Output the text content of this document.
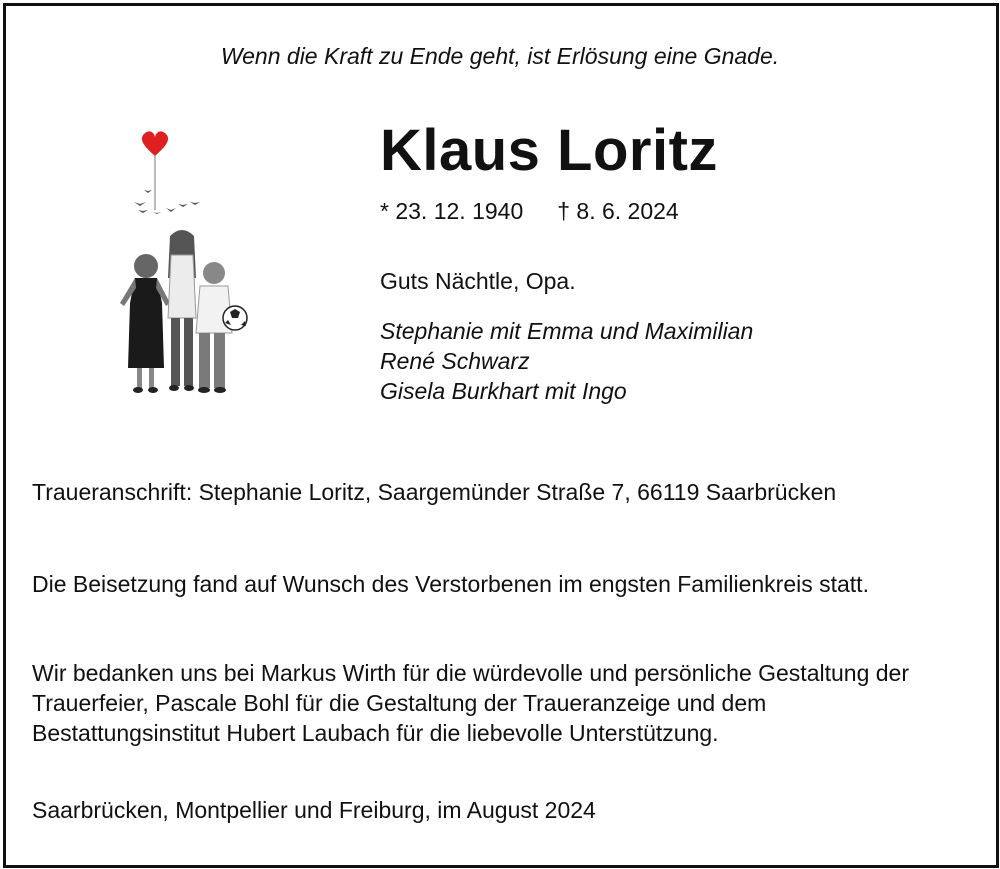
Wenn die Kraft zu Ende geht, ist Erlösung eine Gnade.
Klaus Loritz
* 23. 12. 1940 † 8. 6. 2024
Guts Nächtle, Opa.
Stephanie mit Emma und Maximilian
René Schwarz
Gisela Burkhart mit Ingo
Traueranschrift: Stephanie Loritz, Saargemünder Straße 7, 66119 Saarbrücken
Die Beisetzung fand auf Wunsch des Verstorbenen im engsten Familienkreis statt.
Wir bedanken uns bei Markus Wirth für die würdevolle und persönliche Gestaltung der Trauerfeier, Pascale Bohl für die Gestaltung der Traueranzeige und dem Bestattungsinstitut Hubert Laubach für die liebevolle Unterstützung.
Saarbrücken, Montpellier und Freiburg, im August 2024
